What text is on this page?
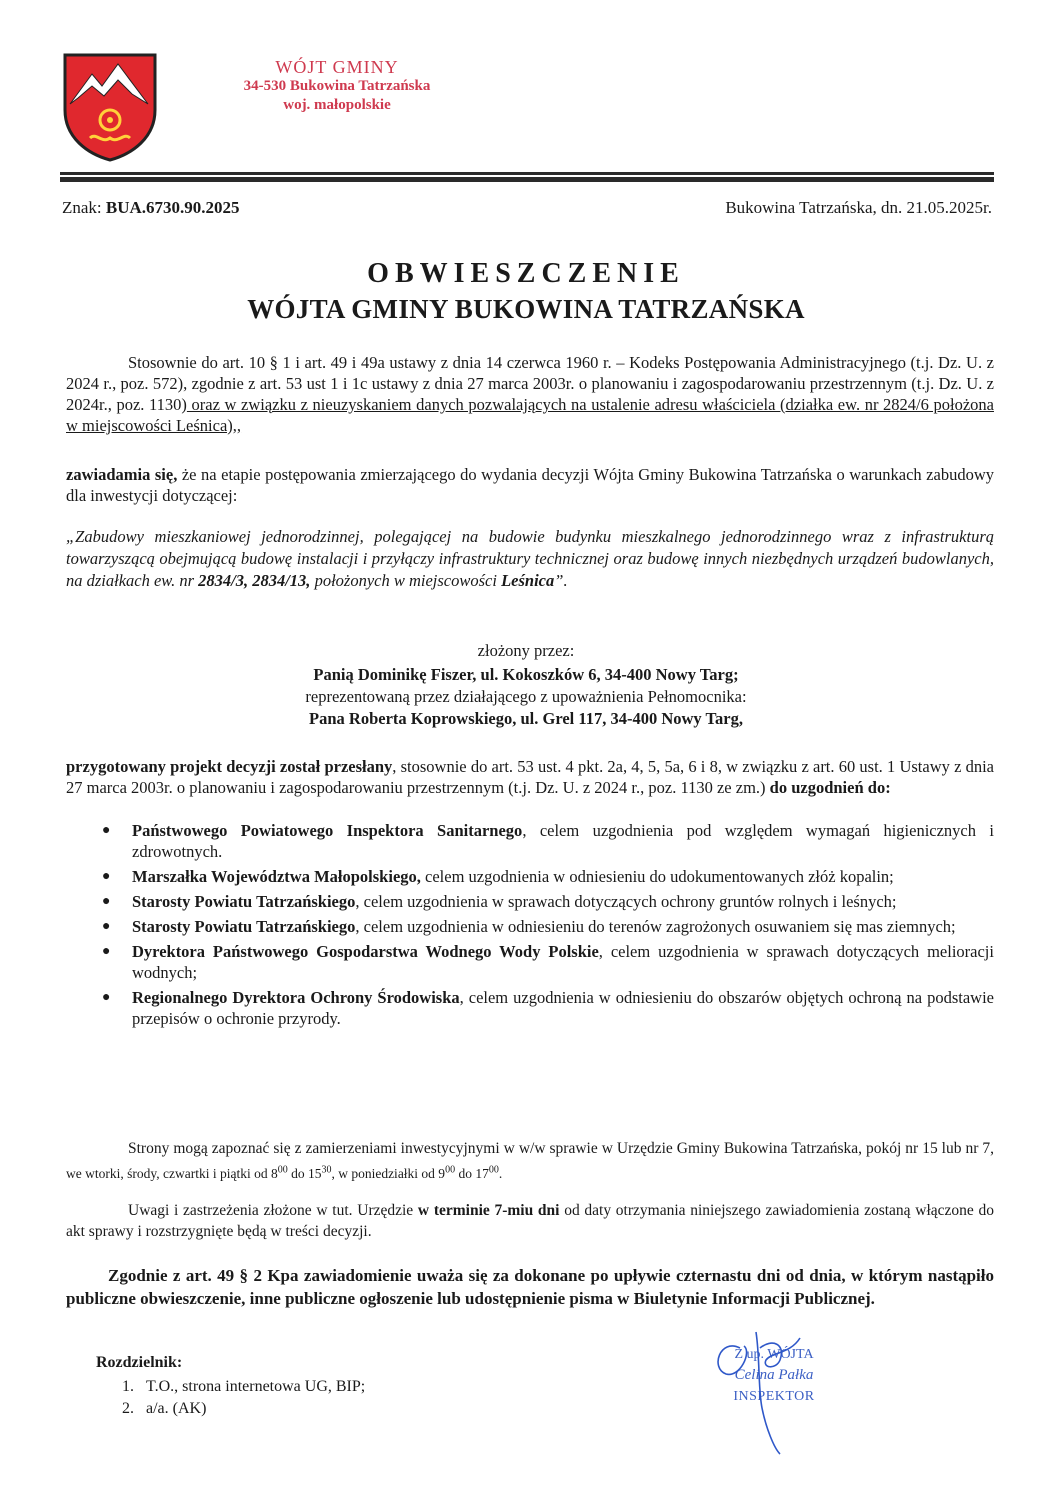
WÓJT GMINY
34-530 Bukowina Tatrzańska
woj. małopolskie
Znak: BUA.6730.90.2025	Bukowina Tatrzańska, dn. 21.05.2025r.
OBWIESZCZENIE
WÓJTA GMINY BUKOWINA TATRZAŃSKA
Stosownie do art. 10 § 1 i art. 49 i 49a ustawy z dnia 14 czerwca 1960 r. – Kodeks Postępowania Administracyjnego (t.j. Dz. U. z 2024 r., poz. 572), zgodnie z art. 53 ust 1 i 1c ustawy z dnia 27 marca 2003r. o planowaniu i zagospodarowaniu przestrzennym (t.j. Dz. U. z 2024r., poz. 1130) oraz w związku z nieuzyskaniem danych pozwalających na ustalenie adresu właściciela (działka ew. nr 2824/6 położona w miejscowości Leśnica),,
zawiadamia się, że na etapie postępowania zmierzającego do wydania decyzji Wójta Gminy Bukowina Tatrzańska o warunkach zabudowy dla inwestycji dotyczącej:
„Zabudowy mieszkaniowej jednorodzinnej, polegającej na budowie budynku mieszkalnego jednorodzinnego wraz z infrastrukturą towarzyszącą obejmującą budowę instalacji i przyłączy infrastruktury technicznej oraz budowę innych niezbędnych urządzeń budowlanych, na działkach ew. nr 2834/3, 2834/13, położonych w miejscowości Leśnica”.
złożony przez:
Panią Dominikę Fiszer, ul. Kokoszków 6, 34-400 Nowy Targ;
reprezentowaną przez działającego z upoważnienia Pełnomocnika:
Pana Roberta Koprowskiego, ul. Grel 117, 34-400 Nowy Targ,
przygotowany projekt decyzji został przesłany, stosownie do art. 53 ust. 4 pkt. 2a, 4, 5, 5a, 6 i 8, w związku z art. 60 ust. 1 Ustawy z dnia 27 marca 2003r. o planowaniu i zagospodarowaniu przestrzennym (t.j. Dz. U. z 2024 r., poz. 1130 ze zm.) do uzgodnień do:
● Państwowego Powiatowego Inspektora Sanitarnego, celem uzgodnienia pod względem wymagań higienicznych i zdrowotnych.
● Marszałka Województwa Małopolskiego, celem uzgodnienia w odniesieniu do udokumentowanych złóż kopalin;
● Starosty Powiatu Tatrzańskiego, celem uzgodnienia w sprawach dotyczących ochrony gruntów rolnych i leśnych;
● Starosty Powiatu Tatrzańskiego, celem uzgodnienia w odniesieniu do terenów zagrożonych osuwaniem się mas ziemnych;
● Dyrektora Państwowego Gospodarstwa Wodnego Wody Polskie, celem uzgodnienia w sprawach dotyczących melioracji wodnych;
● Regionalnego Dyrektora Ochrony Środowiska, celem uzgodnienia w odniesieniu do obszarów objętych ochroną na podstawie przepisów o ochronie przyrody.
Strony mogą zapoznać się z zamierzeniami inwestycyjnymi w w/w sprawie w Urzędzie Gminy Bukowina Tatrzańska, pokój nr 15 lub nr 7, we wtorki, środy, czwartki i piątki od $8^{00}$ do $15^{30}$, w poniedziałki od $9^{00}$ do $17^{00}$.
Uwagi i zastrzeżenia złożone w tut. Urzędzie w terminie 7-miu dni od daty otrzymania niniejszego zawiadomienia zostaną włączone do akt sprawy i rozstrzygnięte będą w treści decyzji.
Zgodnie z art. 49 § 2 Kpa zawiadomienie uważa się za dokonane po upływie czternastu dni od dnia, w którym nastąpiło publiczne obwieszczenie, inne publiczne ogłoszenie lub udostępnienie pisma w Biuletynie Informacji Publicznej.
Rozdzielnik:
1. T.O., strona internetowa UG, BIP;
2. a/a. (AK)
Z up. WÓJTA
Celina Pałka
INSPEKTOR
